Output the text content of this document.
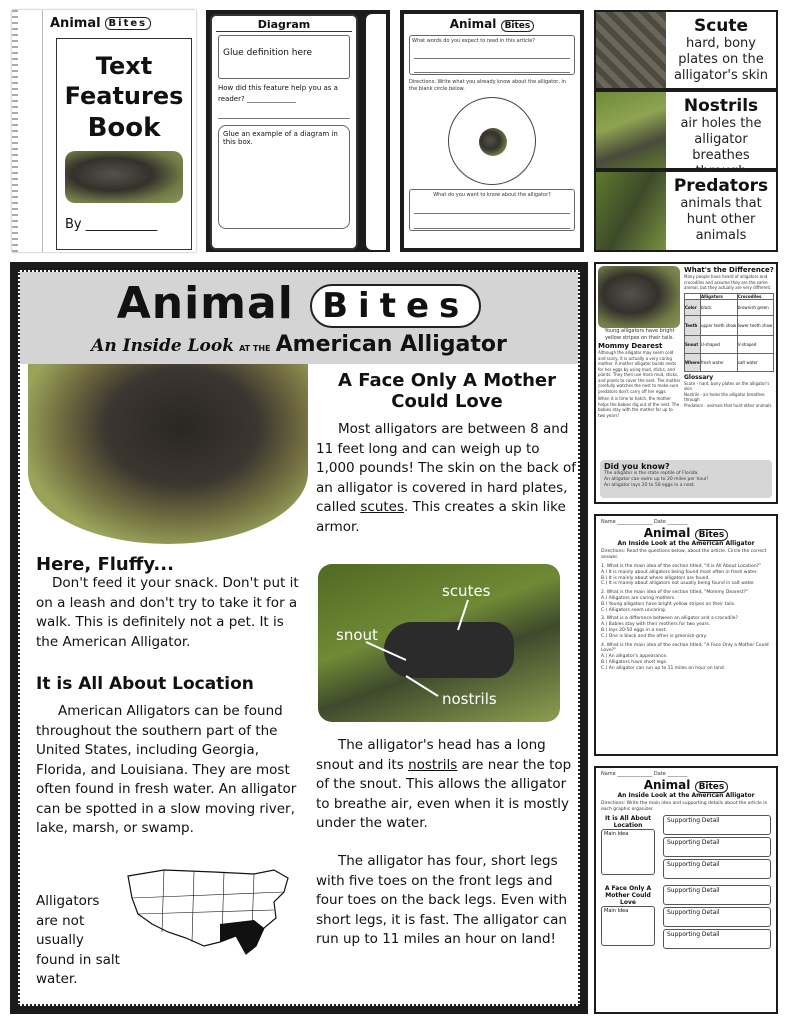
Animal Bites
Text
Features
Book
By ___________
Diagram
Glue definition here
How did this feature help you as a reader? ______________
Glue an example of a diagram in this box.
Animal Bites
What words do you expect to read in this article?
Directions: Write what you already know about the alligator, in the blank circle below.
What do you want to know about the alligator?
Scute
hard, bony plates on the alligator's skin
Nostrils
air holes the alligator breathes
Predators
animals that hunt other animals
Animal Bites
An Inside Look AT THE American Alligator
A Face Only A Mother Could Love
Most alligators are between 8 and 11 feet long and can weigh up to 1,000 pounds! The skin on the back of an alligator is covered in hard plates, called scutes. This creates a skin like armor.
scutes
snout
nostrils
The alligator's head has a long snout and its nostrils are near the top of the snout. This allows the alligator to breathe air, even when it is mostly under the water.
The alligator has four, short legs with five toes on the front legs and four toes on the back legs. Even with short legs, it is fast. The alligator can run up to 11 miles an hour on land!
Here, Fluffy...
Don't feed it your snack. Don't put it on a leash and don't try to take it for a walk. This is definitely not a pet. It is the American Alligator.
It is All About Location
American Alligators can be found throughout the southern part of the United States, including Georgia, Florida, and Louisiana. They are most often found in fresh water. An alligator can be spotted in a slow moving river, lake, marsh, or swamp.
Alligators are not usually found in salt water.
Young alligators have bright yellow stripes on their tails.
Mommy Dearest
Although the alligator may seem cold and scary, it is actually a very caring mother. A mother alligator builds nests for her eggs by using mud, sticks, and plants. They then use more mud, sticks, and plants to cover the nest. The mother carefully watches the nest to make sure predators don't carry off her eggs.
When it is time to hatch, the mother helps the babies dig out of the nest. The babies stay with the mother for up to two years!
What's the Difference?
Many people have heard of alligators and crocodiles and assume they are the same animal, but they actually are very different.
	Alligators	Crocodiles
Color	black	brownish green
Teeth	upper teeth show	lower teeth show
Snout	U-shaped	V-shaped
Where	fresh water	salt water
Glossary
Scute - hard, bony plates on the alligator's skin
Nostrils - air holes the alligator breathes through
Predators - animals that hunt other animals
Did you know?
The alligator is the state reptile of Florida.
An alligator can swim up to 20 miles per hour!
An alligator lays 20 to 50 eggs in a nest.
Name ______________ Date ________
Animal Bites
An Inside Look at the American Alligator
Directions: Read the questions below, about the article. Circle the correct answer.
1. What is the main idea of the section titled, "It is All About Location?"
A.) It is mainly about alligators being found most often in fresh water.
B.) It is mainly about where alligators are found.
C.) It is mainly about alligators not usually being found in salt water.
2. What is the main idea of the section titled, "Mommy Dearest?"
A.) Alligators are caring mothers.
B.) Young alligators have bright yellow stripes on their tails.
C.) Alligators seem uncaring.
3. What is a difference between an alligator and a crocodile?
A.) Babies stay with their mothers for two years.
B.) lays 20-50 eggs in a nest.
C.) One is black and the other is greenish-gray.
4. What is the main idea of the section titled, "A Face Only a Mother Could Love?"
A.) An alligator's appearance.
B.) Alligators have short legs.
C.) An alligator can run up to 11 miles an hour on land.
Name ______________ Date ________
Animal Bites
An Inside Look at the American Alligator
Directions: Write the main idea and supporting details about the article in each graphic organizer.
It is All About Location
Main Idea
Supporting Detail
Supporting Detail
Supporting Detail
A Face Only A Mother Could Love
Main Idea
Supporting Detail
Supporting Detail
Supporting Detail
